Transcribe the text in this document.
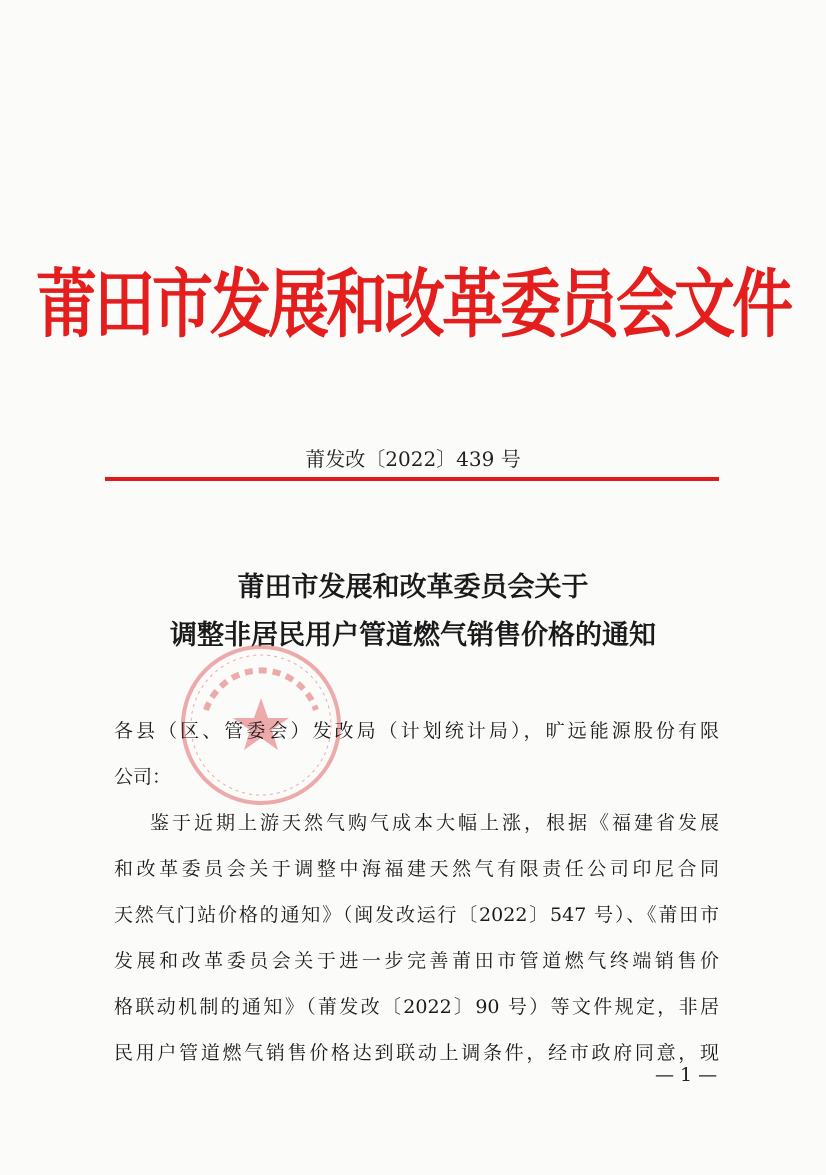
莆田市发展和改革委员会文件
莆发改〔2022〕439 号
莆田市发展和改革委员会关于
调整非居民用户管道燃气销售价格的通知
各县（区、管委会）发改局（计划统计局），旷远能源股份有限
公司：
鉴于近期上游天然气购气成本大幅上涨，根据《福建省发展
和改革委员会关于调整中海福建天然气有限责任公司印尼合同
天然气门站价格的通知》（闽发改运行〔2022〕547 号）、《莆田市
发展和改革委员会关于进一步完善莆田市管道燃气终端销售价
格联动机制的通知》（莆发改〔2022〕90 号）等文件规定，非居
民用户管道燃气销售价格达到联动上调条件，经市政府同意，现
— 1 —
